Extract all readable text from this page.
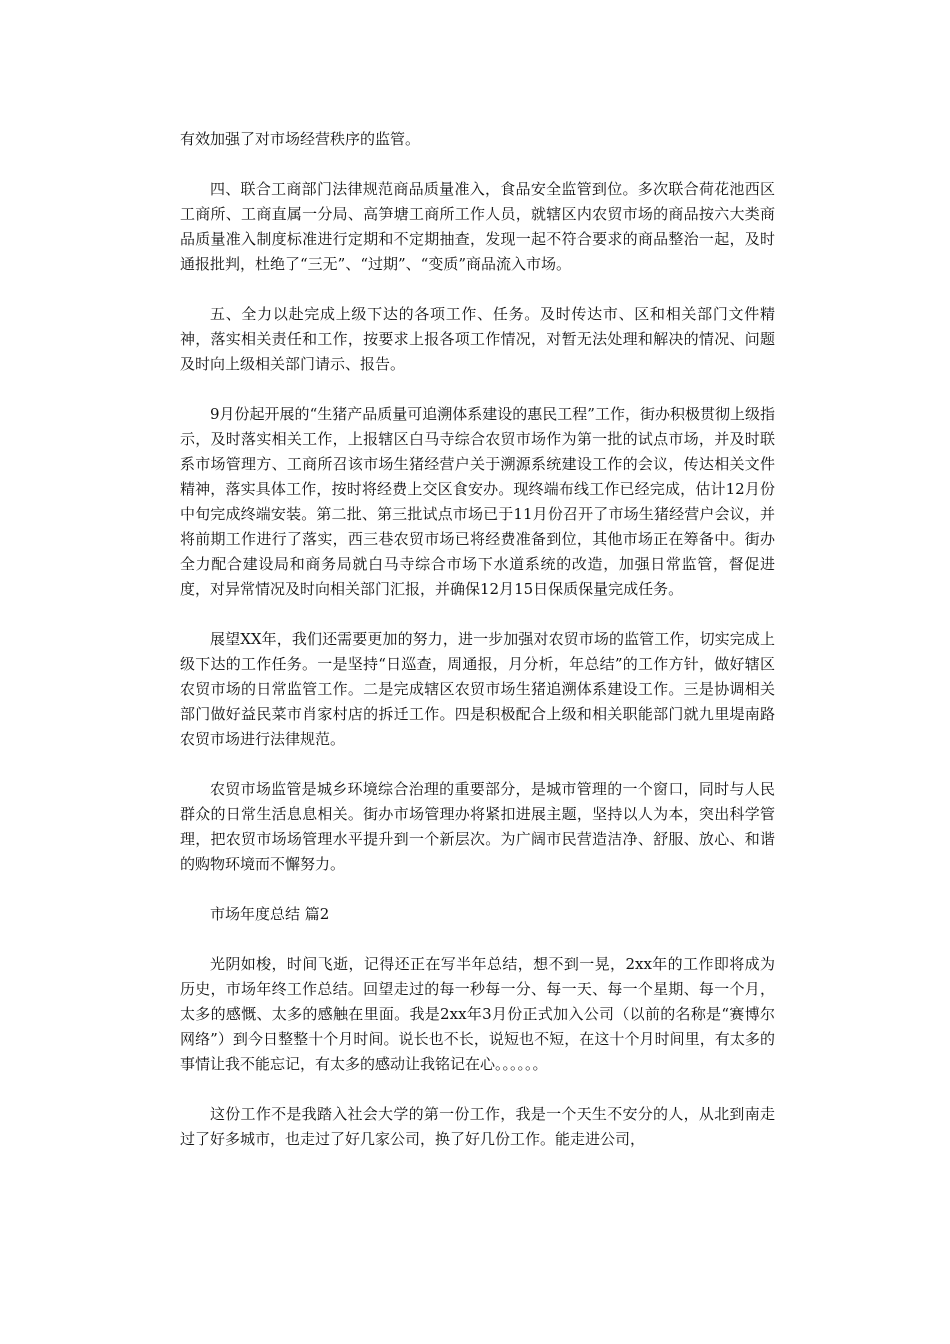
有效加强了对市场经营秩序的监管。

四、联合工商部门法律规范商品质量准入，食品安全监管到位。多次联合荷花池西区工商所、工商直属一分局、高笋塘工商所工作人员，就辖区内农贸市场的商品按六大类商品质量准入制度标准进行定期和不定期抽查，发现一起不符合要求的商品整治一起，及时通报批判，杜绝了“三无”、“过期”、“变质”商品流入市场。

五、全力以赴完成上级下达的各项工作、任务。及时传达市、区和相关部门文件精神，落实相关责任和工作，按要求上报各项工作情况，对暂无法处理和解决的情况、问题及时向上级相关部门请示、报告。

9月份起开展的“生猪产品质量可追溯体系建设的惠民工程”工作，街办积极贯彻上级指示，及时落实相关工作，上报辖区白马寺综合农贸市场作为第一批的试点市场，并及时联系市场管理方、工商所召该市场生猪经营户关于溯源系统建设工作的会议，传达相关文件精神，落实具体工作，按时将经费上交区食安办。现终端布线工作已经完成，估计12月份中旬完成终端安装。第二批、第三批试点市场已于11月份召开了市场生猪经营户会议，并将前期工作进行了落实，西三巷农贸市场已将经费准备到位，其他市场正在筹备中。街办全力配合建设局和商务局就白马寺综合市场下水道系统的改造，加强日常监管，督促进度，对异常情况及时向相关部门汇报，并确保12月15日保质保量完成任务。

展望XX年，我们还需要更加的努力，进一步加强对农贸市场的监管工作，切实完成上级下达的工作任务。一是坚持“日巡查，周通报，月分析，年总结”的工作方针，做好辖区农贸市场的日常监管工作。二是完成辖区农贸市场生猪追溯体系建设工作。三是协调相关部门做好益民菜市肖家村店的拆迁工作。四是积极配合上级和相关职能部门就九里堤南路农贸市场进行法律规范。

农贸市场监管是城乡环境综合治理的重要部分，是城市管理的一个窗口，同时与人民群众的日常生活息息相关。街办市场管理办将紧扣进展主题，坚持以人为本，突出科学管理，把农贸市场场管理水平提升到一个新层次。为广阔市民营造洁净、舒服、放心、和谐的购物环境而不懈努力。

市场年度总结 篇2

光阴如梭，时间飞逝，记得还正在写半年总结，想不到一晃，2xx年的工作即将成为历史，市场年终工作总结。回望走过的每一秒每一分、每一天、每一个星期、每一个月，太多的感慨、太多的感触在里面。我是2xx年3月份正式加入公司（以前的名称是“赛博尔网络”）到今日整整十个月时间。说长也不长，说短也不短，在这十个月时间里，有太多的事情让我不能忘记，有太多的感动让我铭记在心。。。。。。

这份工作不是我踏入社会大学的第一份工作，我是一个天生不安分的人，从北到南走过了好多城市，也走过了好几家公司，换了好几份工作。能走进公司，
